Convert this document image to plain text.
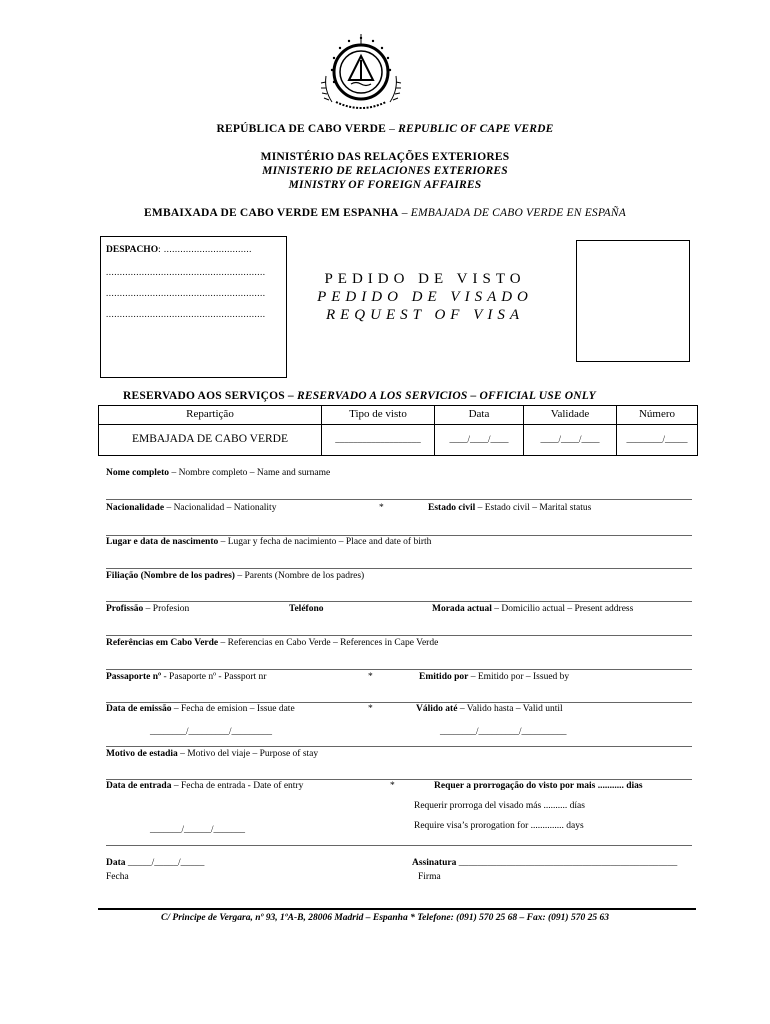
REPÚBLICA DE CABO VERDE – REPUBLIC OF CAPE VERDE
MINISTÉRIO DAS RELAÇÕES EXTERIORES
MINISTERIO DE RELACIONES EXTERIORES
MINISTRY OF FOREIGN AFFAIRES
EMBAIXADA DE CABO VERDE EM ESPANHA – EMBAJADA DE CABO VERDE EN ESPAÑA
DESPACHO: ................................
..........................................................
..........................................................
..........................................................
PEDIDO DE VISTO
PEDIDO DE VISADO
REQUEST OF VISA
RESERVADO AOS SERVIÇOS – RESERVADO A LOS SERVICIOS – OFFICIAL USE ONLY
Repartição	Tipo de visto	Data	Validade	Número
EMBAJADA DE CABO VERDE	___________________	____/____/____	____/____/____	________/_____
Nome completo – Nombre completo – Name and surname
Nacionalidade – Nacionalidad – Nationality	*	Estado civil – Estado civil – Marital status
Lugar e data de nascimento – Lugar y fecha de nacimiento – Place and date of birth
Filiação (Nombre de los padres) – Parents (Nombre de los padres)
Profissão – Profesion	Teléfono	Morada actual – Domicilio actual – Present address
Referências em Cabo Verde – Referencias en Cabo Verde – References in Cape Verde
Passaporte nº - Pasaporte nº - Passport nr	*	Emitido por – Emitido por – Issued by
Data de emissão – Fecha de emision – Issue date	*	Válido até – Valido hasta – Valid until
________/_________/_________	________/_________/__________
Motivo de estadia – Motivo del viaje – Purpose of stay
Data de entrada – Fecha de entrada - Date of entry	*	Requer a prorrogação do visto por mais ........... dias
Requerir prorroga del visado más .......... días
Require visa’s prorogation for .............. days
_______/______/_______
Data _____/_____/_____
Fecha
Assinatura ______________________________________________
Firma
C/ Principe de Vergara, nº 93, 1ºA-B, 28006 Madrid – Espanha * Telefone: (091) 570 25 68 – Fax: (091) 570 25 63
